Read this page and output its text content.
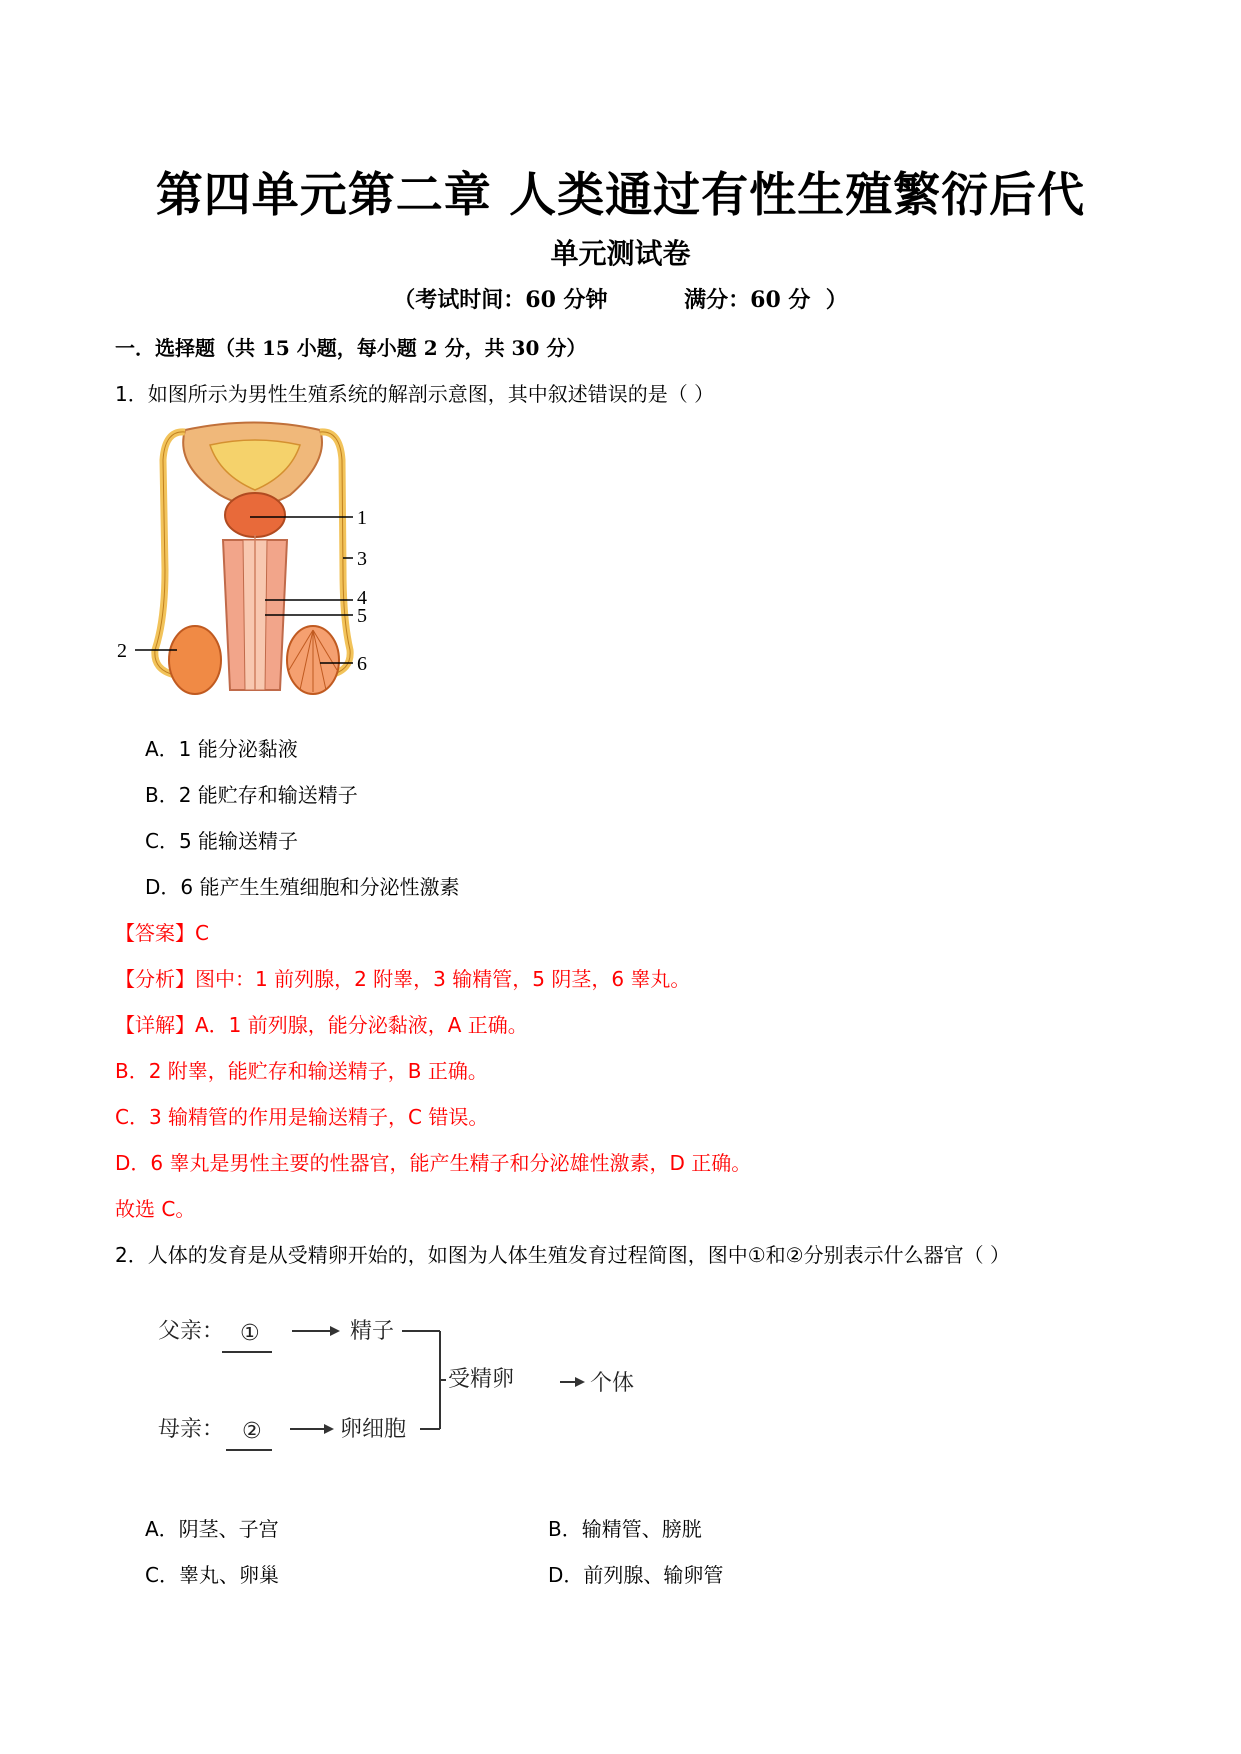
第四单元第二章 人类通过有性生殖繁衍后代
单元测试卷
（考试时间：60 分钟          满分：60 分  ）
一．选择题（共 15 小题，每小题 2 分，共 30 分）
1．如图所示为男性生殖系统的解剖示意图，其中叙述错误的是（ ）
1
3
4
5
2
6
A．1 能分泌黏液
B．2 能贮存和输送精子
C．5 能输送精子
D．6 能产生生殖细胞和分泌性激素
【答案】C
【分析】图中：1 前列腺，2 附睾，3 输精管，5 阴茎，6 睾丸。
【详解】A．1 前列腺，能分泌黏液，A 正确。
B．2 附睾，能贮存和输送精子，B 正确。
C．3 输精管的作用是输送精子，C 错误。
D．6 睾丸是男性主要的性器官，能产生精子和分泌雄性激素，D 正确。
故选 C。
2．人体的发育是从受精卵开始的，如图为人体生殖发育过程简图，图中①和②分别表示什么器官（ ）
父亲：
母亲：
①
②
精子
卵细胞
受精卵	个体
A．阴茎、子宫	B．输精管、膀胱
C．睾丸、卵巢	D．前列腺、输卵管
